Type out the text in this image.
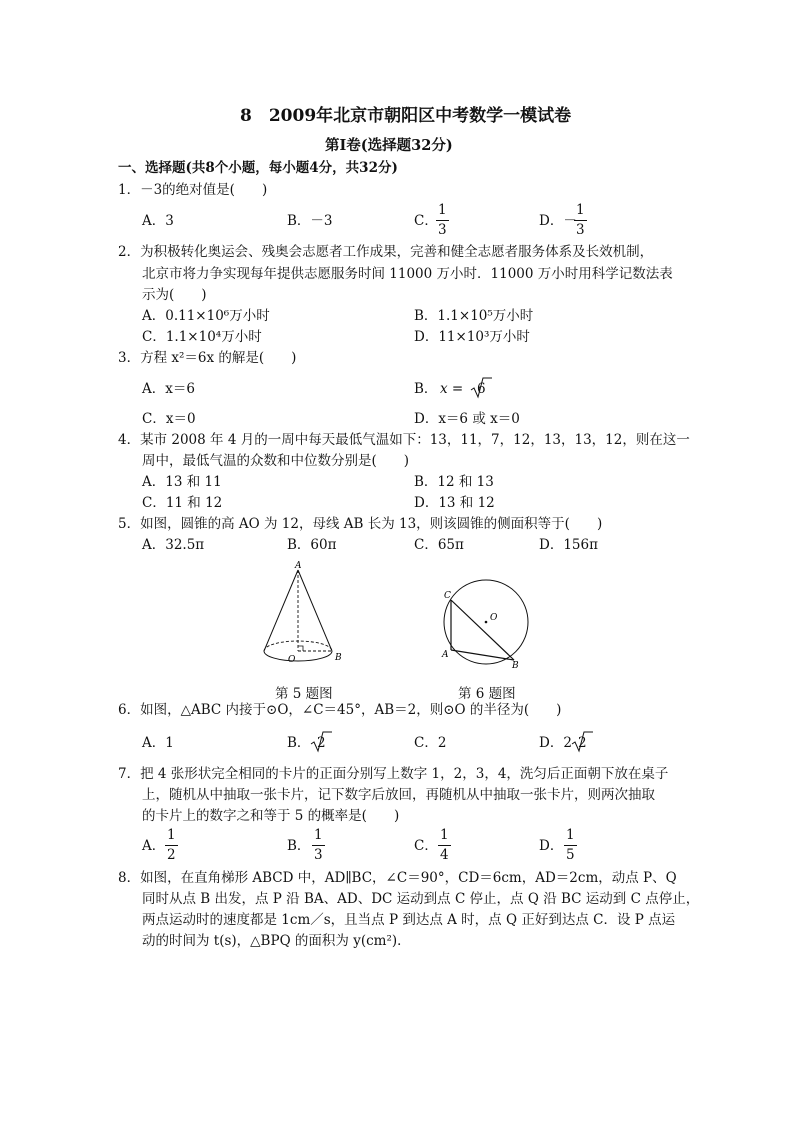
8　2009年北京市朝阳区中考数学一模试卷
第Ⅰ卷(选择题32分)
一、选择题(共8个小题，每小题4分，共32分)
1．－3的绝对值是(　　)
A．3	B．－3	C．
$\frac{1}{3}$	D．－
$\frac{1}{3}$
2．为积极转化奥运会、残奥会志愿者工作成果，完善和健全志愿者服务体系及长效机制，
北京市将力争实现每年提供志愿服务时间 11000 万小时．11000 万小时用科学记数法表
示为(　　)
A．0.11×10⁶万小时	B．1.1×10⁵万小时
C．1.1×10⁴万小时	D．11×10³万小时
3．方程 x²＝6x 的解是(　　)
A．x＝6	B． x = 6
C．x＝0	D．x＝6 或 x＝0
4．某市 2008 年 4 月的一周中每天最低气温如下：13，11，7，12，13，13，12，则在这一
周中，最低气温的众数和中位数分别是(　　)
A．13 和 11	B．12 和 13
C．11 和 12	D．13 和 12
5．如图，圆锥的高 AO 为 12，母线 AB 长为 13，则该圆锥的侧面积等于(　　)
A．32.5π	B．60π	C．65π	D．156π
A
O	B
C
O
A
B
第 5 题图	第 6 题图
6．如图，△ABC 内接于⊙O，∠C＝45°，AB＝2，则⊙O 的半径为(　　)
A．1	B． 2	C．2	D．2 2
7．把 4 张形状完全相同的卡片的正面分别写上数字 1，2，3，4，洗匀后正面朝下放在桌子
上，随机从中抽取一张卡片，记下数字后放回，再随机从中抽取一张卡片，则两次抽取
的卡片上的数字之和等于 5 的概率是(　　)
A． $\frac{1}{2}$	B． $\frac{1}{3}$	C． $\frac{1}{4}$	D． $\frac{1}{5}$
8．如图，在直角梯形 ABCD 中，AD∥BC，∠C＝90°，CD＝6cm，AD＝2cm，动点 P、Q
同时从点 B 出发，点 P 沿 BA、AD、DC 运动到点 C 停止，点 Q 沿 BC 运动到 C 点停止，
两点运动时的速度都是 1cm／s，且当点 P 到达点 A 时，点 Q 正好到达点 C．设 P 点运
动的时间为 t(s)，△BPQ 的面积为 y(cm²)．
